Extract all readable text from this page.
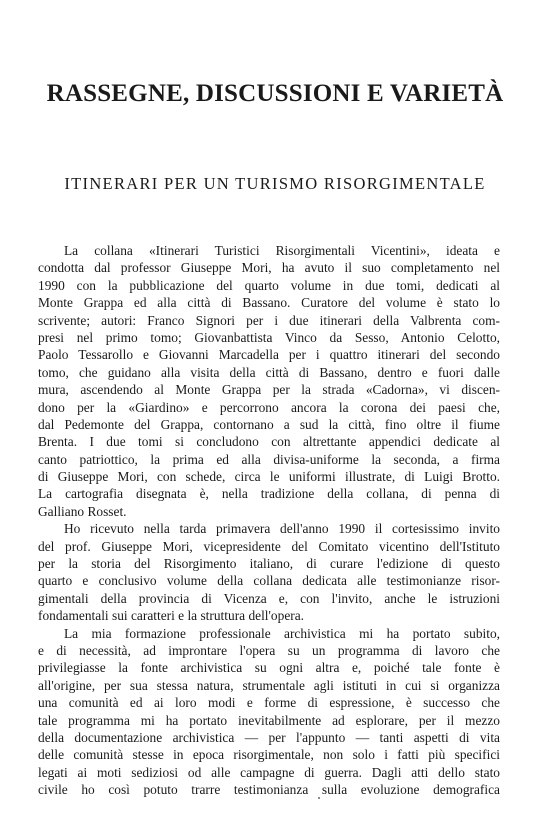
RASSEGNE, DISCUSSIONI E VARIETÀ
ITINERARI PER UN TURISMO RISORGIMENTALE
La collana «Itinerari Turistici Risorgimentali Vicentini», ideata e
condotta dal professor Giuseppe Mori, ha avuto il suo completamento nel
1990 con la pubblicazione del quarto volume in due tomi, dedicati al
Monte Grappa ed alla città di Bassano. Curatore del volume è stato lo
scrivente; autori: Franco Signori per i due itinerari della Valbrenta com-
presi nel primo tomo; Giovanbattista Vinco da Sesso, Antonio Celotto,
Paolo Tessarollo e Giovanni Marcadella per i quattro itinerari del secondo
tomo, che guidano alla visita della città di Bassano, dentro e fuori dalle
mura, ascendendo al Monte Grappa per la strada «Cadorna», vi discen-
dono per la «Giardino» e percorrono ancora la corona dei paesi che,
dal Pedemonte del Grappa, contornano a sud la città, fino oltre il fiume
Brenta. I due tomi si concludono con altrettante appendici dedicate al
canto patriottico, la prima ed alla divisa-uniforme la seconda, a firma
di Giuseppe Mori, con schede, circa le uniformi illustrate, di Luigi Brotto.
La cartografia disegnata è, nella tradizione della collana, di penna di
Galliano Rosset.
Ho ricevuto nella tarda primavera dell'anno 1990 il cortesissimo invito
del prof. Giuseppe Mori, vicepresidente del Comitato vicentino dell'Istituto
per la storia del Risorgimento italiano, di curare l'edizione di questo
quarto e conclusivo volume della collana dedicata alle testimonianze risor-
gimentali della provincia di Vicenza e, con l'invito, anche le istruzioni
fondamentali sui caratteri e la struttura dell'opera.
La mia formazione professionale archivistica mi ha portato subito,
e di necessità, ad improntare l'opera su un programma di lavoro che
privilegiasse la fonte archivistica su ogni altra e, poiché tale fonte è
all'origine, per sua stessa natura, strumentale agli istituti in cui si organizza
una comunità ed ai loro modi e forme di espressione, è successo che
tale programma mi ha portato inevitabilmente ad esplorare, per il mezzo
della documentazione archivistica — per l'appunto — tanti aspetti di vita
delle comunità stesse in epoca risorgimentale, non solo i fatti più specifici
legati ai moti sediziosi od alle campagne di guerra. Dagli atti dello stato
civile ho così potuto trarre testimonianza sulla evoluzione demografica
